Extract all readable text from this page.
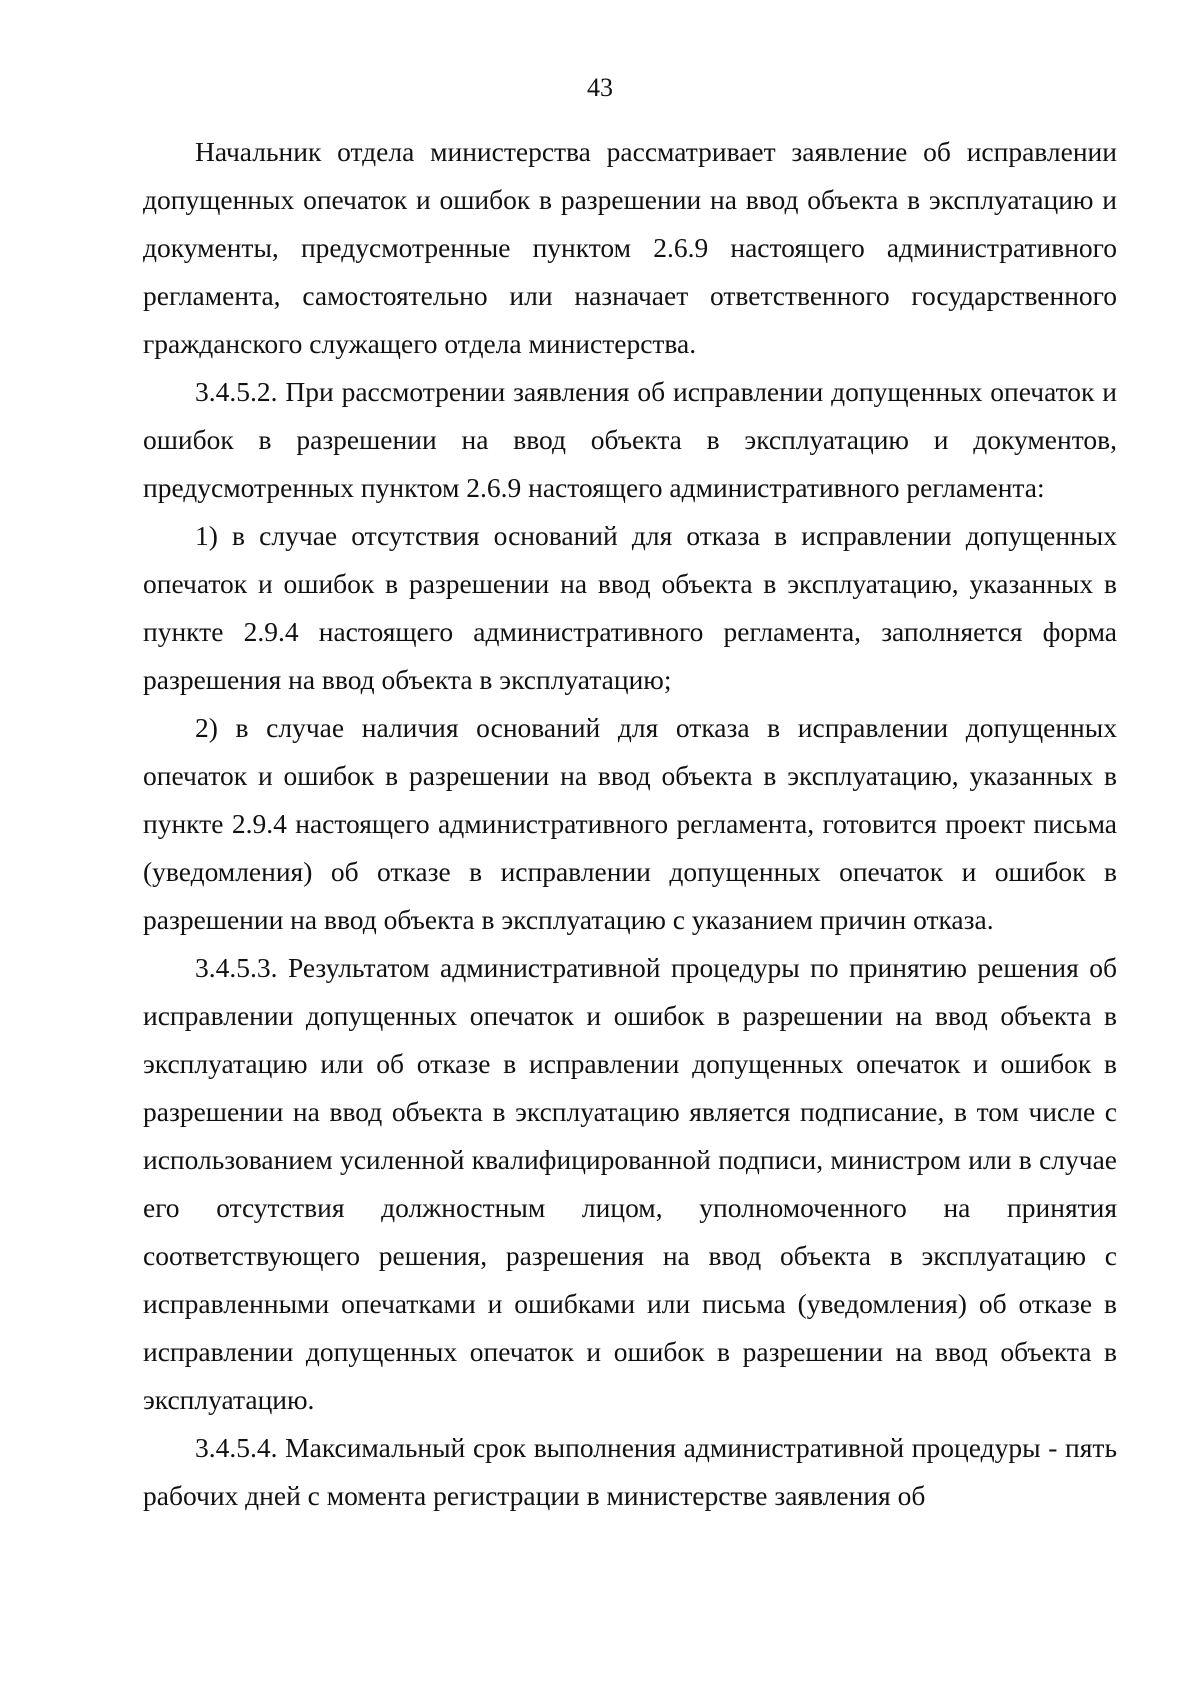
43

Начальник отдела министерства рассматривает заявление об исправлении допущенных опечаток и ошибок в разрешении на ввод объекта в эксплуатацию и документы, предусмотренные пунктом 2.6.9 настоящего административного регламента, самостоятельно или назначает ответственного государственного гражданского служащего отдела министерства.

3.4.5.2. При рассмотрении заявления об исправлении допущенных опечаток и ошибок в разрешении на ввод объекта в эксплуатацию и документов, предусмотренных пунктом 2.6.9 настоящего административного регламента:

1) в случае отсутствия оснований для отказа в исправлении допущенных опечаток и ошибок в разрешении на ввод объекта в эксплуатацию, указанных в пункте 2.9.4 настоящего административного регламента, заполняется форма разрешения на ввод объекта в эксплуатацию;

2) в случае наличия оснований для отказа в исправлении допущенных опечаток и ошибок в разрешении на ввод объекта в эксплуатацию, указанных в пункте 2.9.4 настоящего административного регламента, готовится проект письма (уведомления) об отказе в исправлении допущенных опечаток и ошибок в разрешении на ввод объекта в эксплуатацию с указанием причин отказа.

3.4.5.3. Результатом административной процедуры по принятию решения об исправлении допущенных опечаток и ошибок в разрешении на ввод объекта в эксплуатацию или об отказе в исправлении допущенных опечаток и ошибок в разрешении на ввод объекта в эксплуатацию является подписание, в том числе с использованием усиленной квалифицированной подписи, министром или в случае его отсутствия должностным лицом, уполномоченного на принятия соответствующего решения, разрешения на ввод объекта в эксплуатацию с исправленными опечатками и ошибками или письма (уведомления) об отказе в исправлении допущенных опечаток и ошибок в разрешении на ввод объекта в эксплуатацию.

3.4.5.4. Максимальный срок выполнения административной процедуры - пять рабочих дней с момента регистрации в министерстве заявления об
